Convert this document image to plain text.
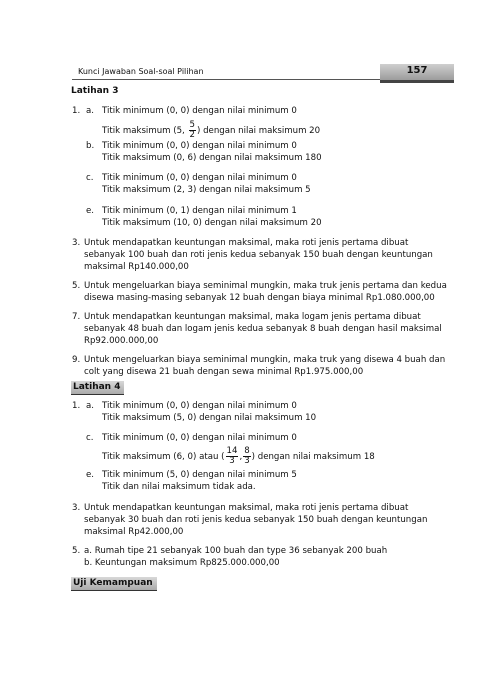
Kunci Jawaban Soal-soal Pilihan	157
Latihan 3
1. a. Titik minimum (0, 0) dengan nilai minimum 0
Titik maksimum (5, $\frac{5}{2}$ ) dengan nilai maksimum 20
b. Titik minimum (0, 0) dengan nilai minimum 0
Titik maksimum (0, 6) dengan nilai maksimum 180
c. Titik minimum (0, 0) dengan nilai minimum 0
Titik maksimum (2, 3) dengan nilai maksimum 5
e. Titik minimum (0, 1) dengan nilai minimum 1
Titik maksimum (10, 0) dengan nilai maksimum 20
3. Untuk mendapatkan keuntungan maksimal, maka roti jenis pertama dibuat
sebanyak 100 buah dan roti jenis kedua sebanyak 150 buah dengan keuntungan
maksimal Rp140.000,00
5. Untuk mengeluarkan biaya seminimal mungkin, maka truk jenis pertama dan kedua
disewa masing-masing sebanyak 12 buah dengan biaya minimal Rp1.080.000,00
7. Untuk mendapatkan keuntungan maksimal, maka logam jenis pertama dibuat
sebanyak 48 buah dan logam jenis kedua sebanyak 8 buah dengan hasil maksimal
Rp92.000.000,00
9. Untuk mengeluarkan biaya seminimal mungkin, maka truk yang disewa 4 buah dan
colt yang disewa 21 buah dengan sewa minimal Rp1.975.000,00
Latihan 4
1. a. Titik minimum (0, 0) dengan nilai minimum 0
Titik maksimum (5, 0) dengan nilai maksimum 10
c. Titik minimum (0, 0) dengan nilai minimum 0
Titik maksimum (6, 0) atau ( $\frac{14}{3}$ , $\frac{8}{3}$ ) dengan nilai maksimum 18
e. Titik minimum (5, 0) dengan nilai minimum 5
Titik dan nilai maksimum tidak ada.
3. Untuk mendapatkan keuntungan maksimal, maka roti jenis pertama dibuat
sebanyak 30 buah dan roti jenis kedua sebanyak 150 buah dengan keuntungan
maksimal Rp42.000,00
5. a. Rumah tipe 21 sebanyak 100 buah dan type 36 sebanyak 200 buah
b. Keuntungan maksimum Rp825.000.000,00
Uji Kemampuan
